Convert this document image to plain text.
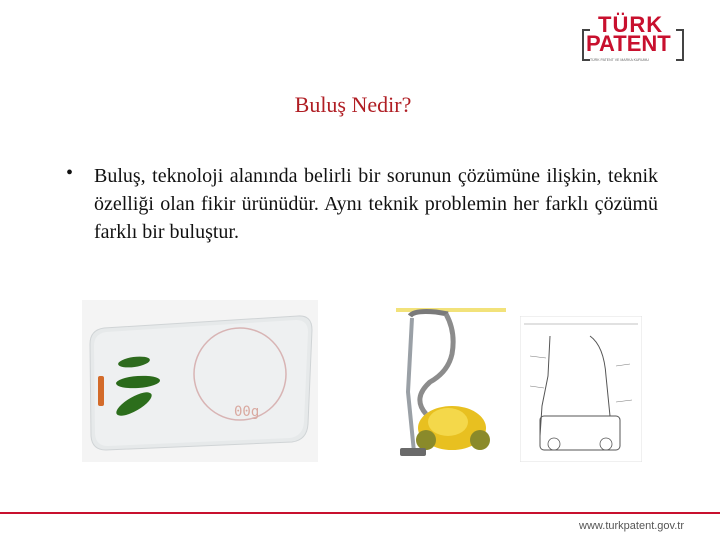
TÜRK
PATENT
TÜRK PATENT VE MARKA KURUMU
Buluş Nedir?
• Buluş, teknoloji alanında belirli bir sorunun çözümüne ilişkin, teknik özelliği olan fikir ürünüdür. Aynı teknik problemin her farklı çözümü farklı bir buluştur.
00g
www.turkpatent.gov.tr
